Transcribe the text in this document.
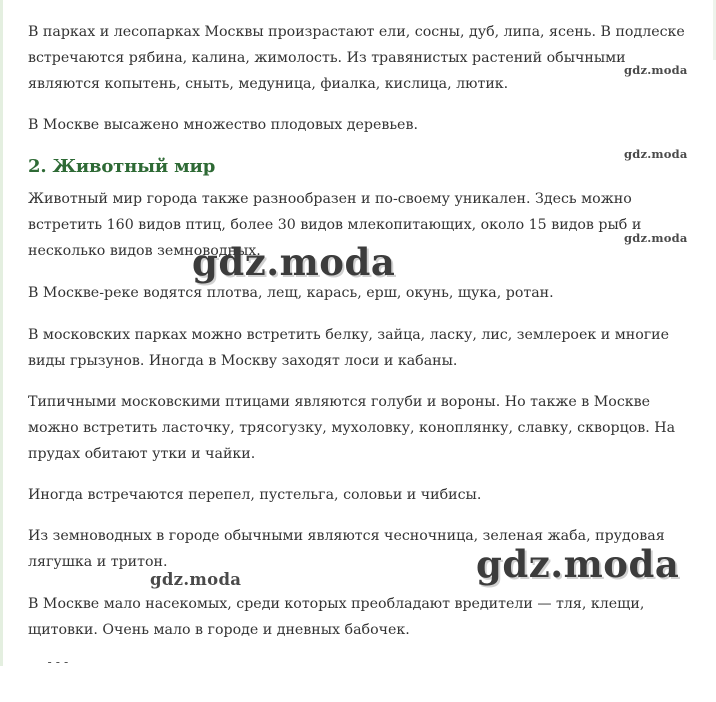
В парках и лесопарках Москвы произрастают ели, сосны, дуб, липа, ясень. В подлеске встречаются рябина, калина, жимолость. Из травянистых растений обычными являются копытень, сныть, медуница, фиалка, кислица, лютик.

В Москве высажено множество плодовых деревьев.

2. Животный мир

Животный мир города также разнообразен и по-своему уникален. Здесь можно встретить 160 видов птиц, более 30 видов млекопитающих, около 15 видов рыб и несколько видов земноводных.

В Москве-реке водятся плотва, лещ, карась, ерш, окунь, щука, ротан.

В московских парках можно встретить белку, зайца, ласку, лис, землероек и многие виды грызунов. Иногда в Москву заходят лоси и кабаны.

Типичными московскими птицами являются голуби и вороны. Но также в Москве можно встретить ласточку, трясогузку, мухоловку, коноплянку, славку, скворцов. На прудах обитают утки и чайки.

Иногда встречаются перепел, пустельга, соловьи и чибисы.

Из земноводных в городе обычными являются чесночница, зеленая жаба, прудовая лягушка и тритон.

В Москве мало насекомых, среди которых преобладают вредители — тля, клещи, щитовки. Очень мало в городе и дневных бабочек.

---
gdz.moda
gdz.moda
gdz.moda
gdz.moda
gdz.moda
gdz.moda
